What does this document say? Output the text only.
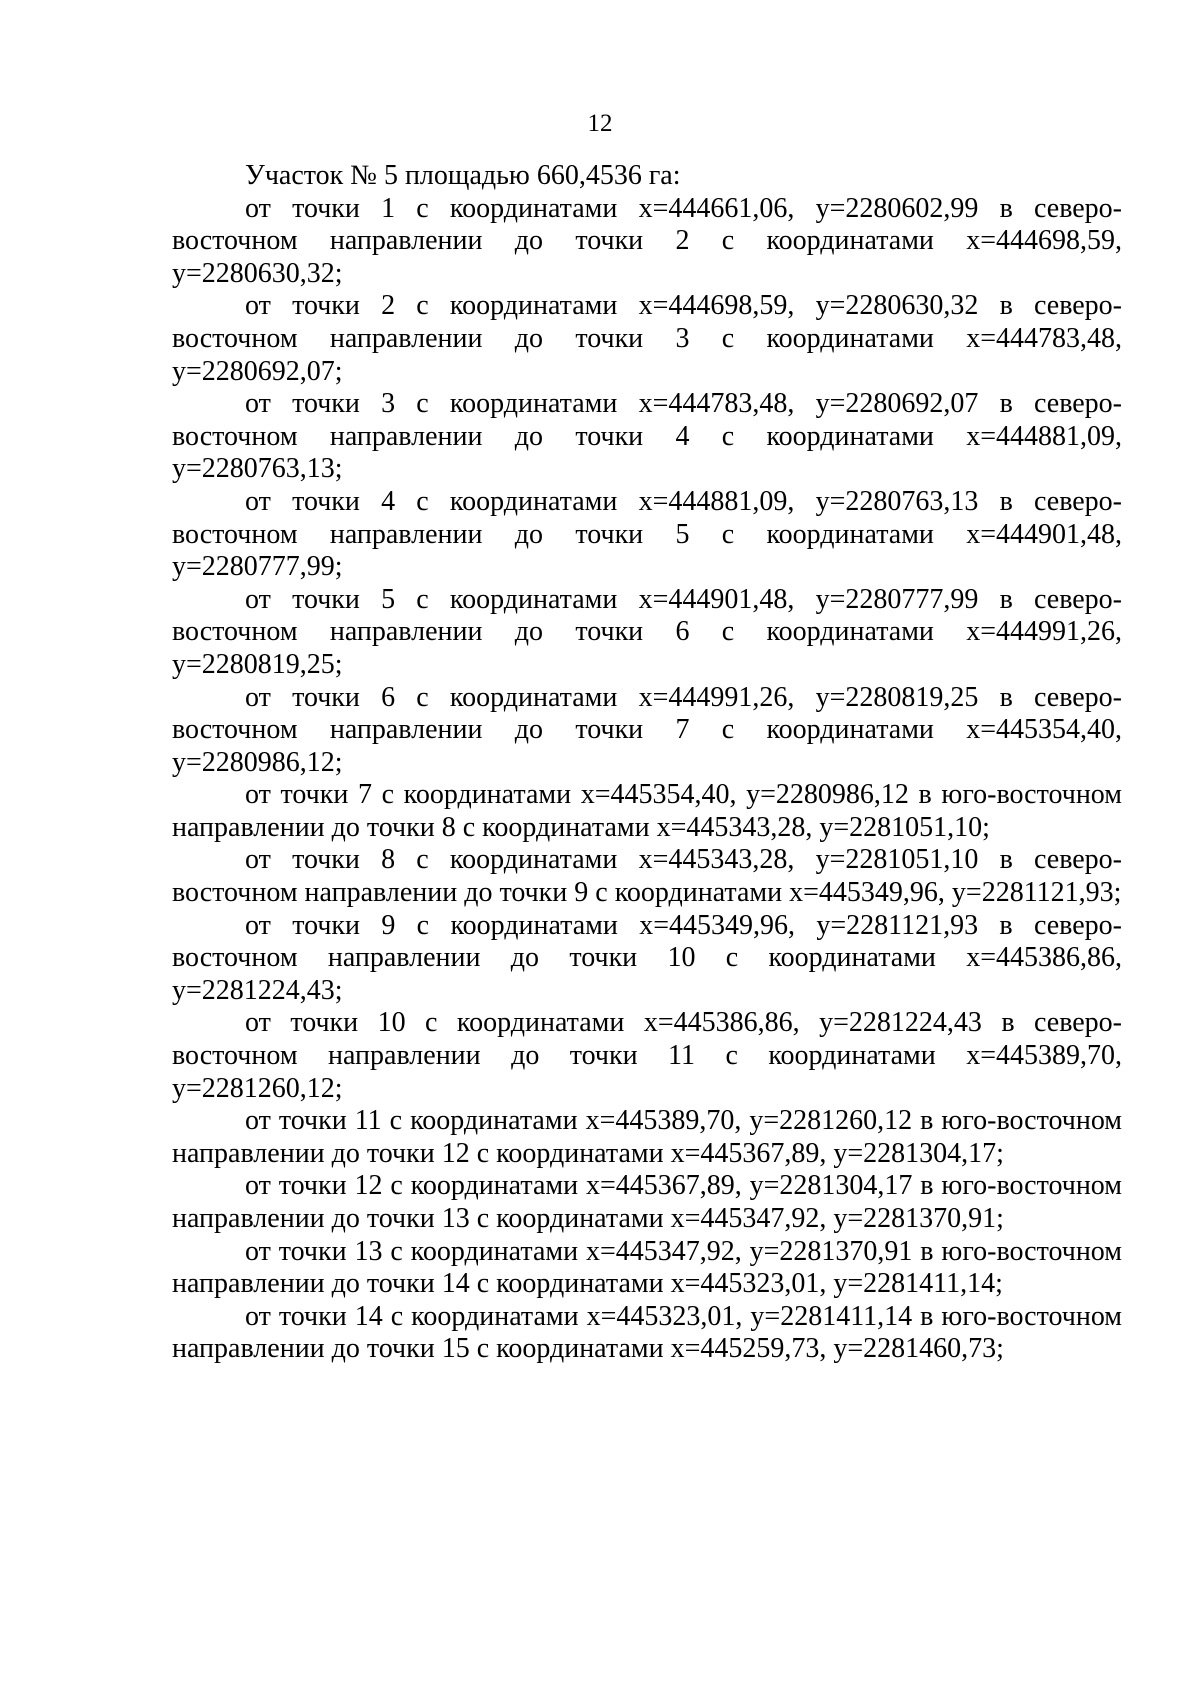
12

Участок № 5 площадью 660,4536 га:

от точки 1 с координатами х=444661,06, у=2280602,99 в северо-восточном направлении до точки 2 с координатами х=444698,59, у=2280630,32;

от точки 2 с координатами х=444698,59, у=2280630,32 в северо-восточном направлении до точки 3 с координатами х=444783,48, у=2280692,07;

от точки 3 с координатами х=444783,48, у=2280692,07 в северо-восточном направлении до точки 4 с координатами х=444881,09, у=2280763,13;

от точки 4 с координатами х=444881,09, у=2280763,13 в северо-восточном направлении до точки 5 с координатами х=444901,48, у=2280777,99;

от точки 5 с координатами х=444901,48, у=2280777,99 в северо-восточном направлении до точки 6 с координатами х=444991,26, у=2280819,25;

от точки 6 с координатами х=444991,26, у=2280819,25 в северо-восточном направлении до точки 7 с координатами х=445354,40, у=2280986,12;

от точки 7 с координатами х=445354,40, у=2280986,12 в юго-восточном направлении до точки 8 с координатами х=445343,28, у=2281051,10;

от точки 8 с координатами х=445343,28, у=2281051,10 в северо-восточном направлении до точки 9 с координатами х=445349,96, у=2281121,93;

от точки 9 с координатами х=445349,96, у=2281121,93 в северо-восточном направлении до точки 10 с координатами х=445386,86, у=2281224,43;

от точки 10 с координатами х=445386,86, у=2281224,43 в северо-восточном направлении до точки 11 с координатами х=445389,70, у=2281260,12;

от точки 11 с координатами х=445389,70, у=2281260,12 в юго-восточном направлении до точки 12 с координатами х=445367,89, у=2281304,17;

от точки 12 с координатами х=445367,89, у=2281304,17 в юго-восточном направлении до точки 13 с координатами х=445347,92, у=2281370,91;

от точки 13 с координатами х=445347,92, у=2281370,91 в юго-восточном направлении до точки 14 с координатами х=445323,01, у=2281411,14;

от точки 14 с координатами х=445323,01, у=2281411,14 в юго-восточном направлении до точки 15 с координатами х=445259,73, у=2281460,73;
